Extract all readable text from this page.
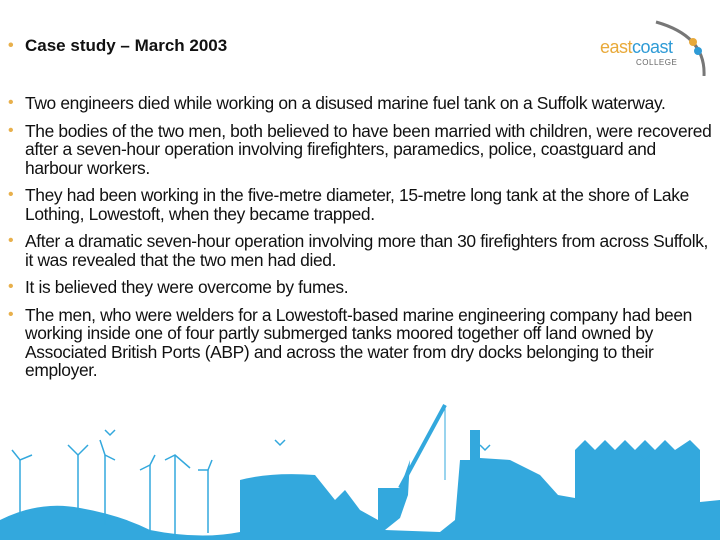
• Case study – March 2003	eastcoast
COLLEGE
• Two engineers died while working on a disused marine fuel tank on a Suffolk waterway.
• The bodies of the two men, both believed to have been married with children, were recovered after a seven-hour operation involving firefighters, paramedics, police, coastguard and harbour workers.
• They had been working in the five-metre diameter, 15-metre long tank at the shore of Lake Lothing, Lowestoft, when they became trapped.
• After a dramatic seven-hour operation involving more than 30 firefighters from across Suffolk, it was revealed that the two men had died.
• It is believed they were overcome by fumes.
• The men, who were welders for a Lowestoft-based marine engineering company had been working inside one of four partly submerged tanks moored together off land owned by Associated British Ports (ABP) and across the water from dry docks belonging to their employer.
